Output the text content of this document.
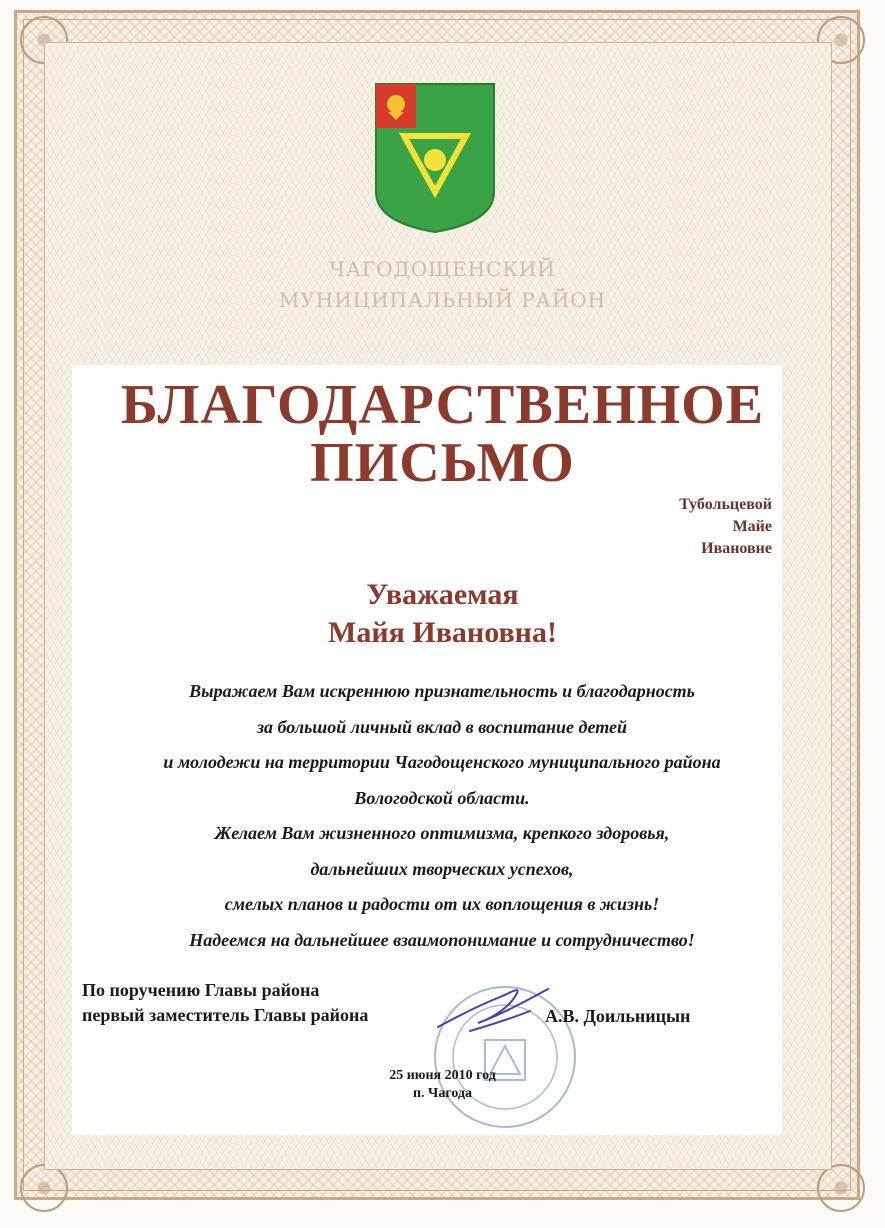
ЧАГОДОЩЕНСКИЙ
МУНИЦИПАЛЬНЫЙ РАЙОН
БЛАГОДАРСТВЕННОЕ
ПИСЬМО
Тубольцевой
Майе
Ивановне
Уважаемая
Майя Ивановна!
Выражаем Вам искреннюю признательность и благодарность
за большой личный вклад в воспитание детей
и молодежи на территории Чагодощенского муниципального района
Вологодской области.
Желаем Вам жизненного оптимизма, крепкого здоровья,
дальнейших творческих успехов,
смелых планов и радости от их воплощения в жизнь!
Надеемся на дальнейшее взаимопонимание и сотрудничество!
По поручению Главы района
первый заместитель Главы района	А.В. Доильницын
25 июня 2010 год
п. Чагода
